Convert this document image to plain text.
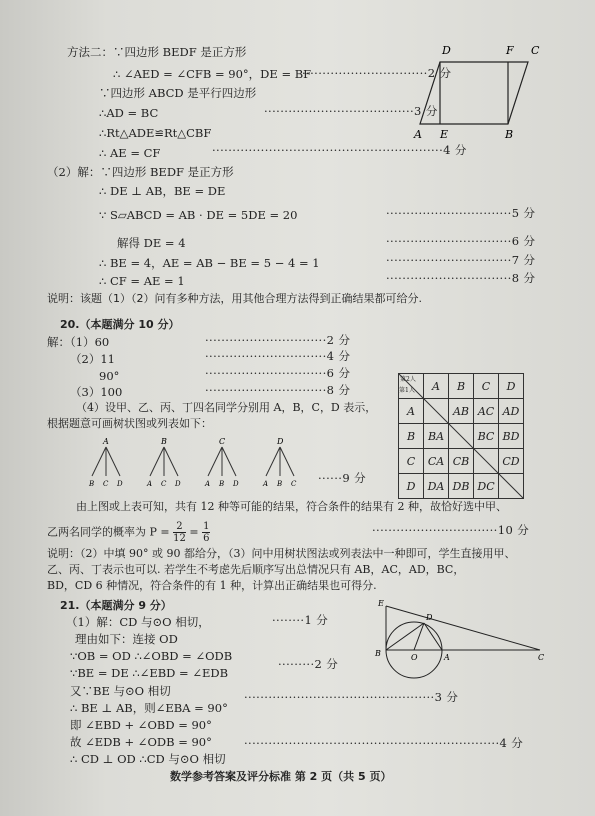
方法二：∵四边形 BEDF 是正方形
∴ ∠AED = ∠CFB = 90°，DE = BF
·······························2 分
∵四边形 ABCD 是平行四边形
∴AD = BC	·····································3 分
∴Rt△ADE≌Rt△CBF
∴ AE = CF	·························································4 分
D	F C
A E	B
（2）解：∵四边形 BEDF 是正方形
∴ DE ⊥ AB，BE = DE
∵ S▱ABCD = AB · DE = 5DE = 20	·······························5 分
解得 DE = 4	·······························6 分
∴ BE = 4，AE = AB − BE = 5 − 4 = 1	·······························7 分
∴ CF = AE = 1	·······························8 分
说明：该题（1）（2）问有多种方法，用其他合理方法得到正确结果都可给分.
20.（本题满分 10 分）
解：（1）60	······························2 分
（2）11	······························4 分
90°	······························6 分
（3）100	······························8 分
（4）设甲、乙、丙、丁四名同学分别用 A，B，C，D 表示，
根据题意可画树状图或列表如下：
A
B C D
B
A C D
C
A B D
D
A B C ······9 分
第2人
第1人	A	B	C	D
A		AB	AC	AD
B	BA		BC	BD
C	CA	CB		CD
D	DA	DB	DC	
由上图或上表可知，共有 12 种等可能的结果，符合条件的结果有 2 种，故恰好选中甲、
乙两名同学的概率为 $P = \frac{2}{12} = \frac{1}{6}$	·······························10 分
说明：（2）中填 90° 或 90 都给分，（3）问中用树状图法或列表法中一种即可，学生直接用甲、
乙、丙、丁表示也可以. 若学生不考虑先后顺序写出总情况只有 AB，AC，AD，BC，
BD，CD 6 种情况，符合条件的有 1 种，计算出正确结果也可得分.
21.（本题满分 9 分）
（1）解：CD 与⊙O 相切，	········1 分
理由如下：连接 OD
∵OB = OD ∴∠OBD = ∠ODB
∵BE = DE ∴∠EBD = ∠EDB
·········2 分
又∵BE 与⊙O 相切
∴ BE ⊥ AB，则∠EBA = 90°
···············································3 分
即 ∠EBD + ∠OBD = 90°
故 ∠EDB + ∠ODB = 90°
∴ CD ⊥ OD ∴CD 与⊙O 相切
·······························································4 分
E
D
B	O	A	C
数学参考答案及评分标准 第 2 页（共 5 页）
